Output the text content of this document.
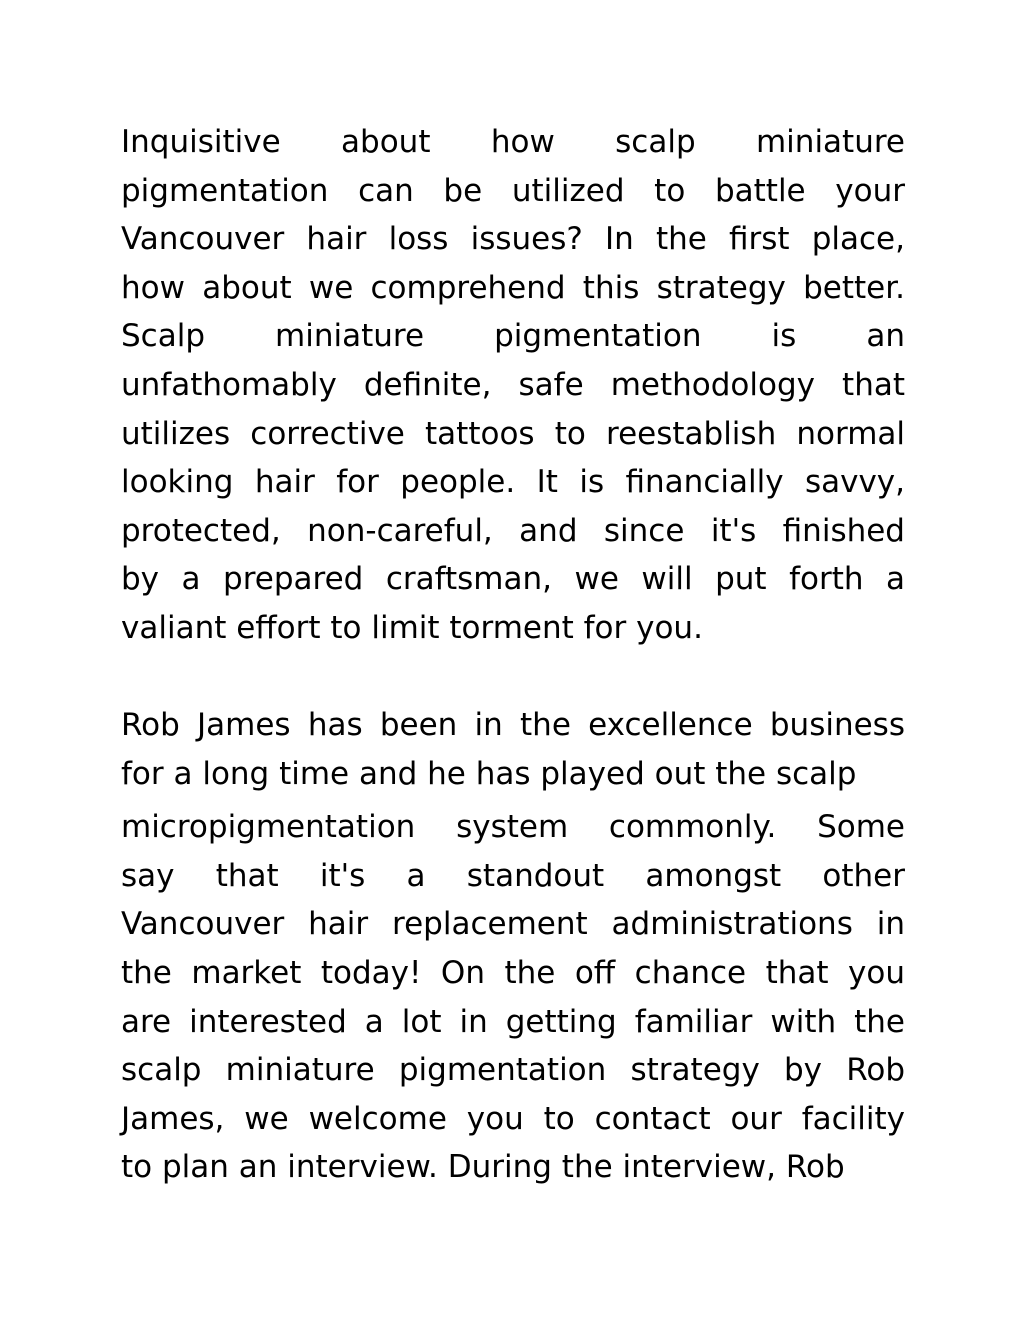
Inquisitive about how scalp miniature
pigmentation can be utilized to battle your
Vancouver hair loss issues? In the first place,
how about we comprehend this strategy better.
Scalp miniature pigmentation is an
unfathomably definite, safe methodology that
utilizes corrective tattoos to reestablish normal
looking hair for people. It is financially savvy,
protected, non-careful, and since it's finished
by a prepared craftsman, we will put forth a
valiant effort to limit torment for you.
Rob James has been in the excellence business
for a long time and he has played out the scalp
micropigmentation system commonly. Some
say that it's a standout amongst other
Vancouver hair replacement administrations in
the market today! On the off chance that you
are interested a lot in getting familiar with the
scalp miniature pigmentation strategy by Rob
James, we welcome you to contact our facility
to plan an interview. During the interview, Rob
